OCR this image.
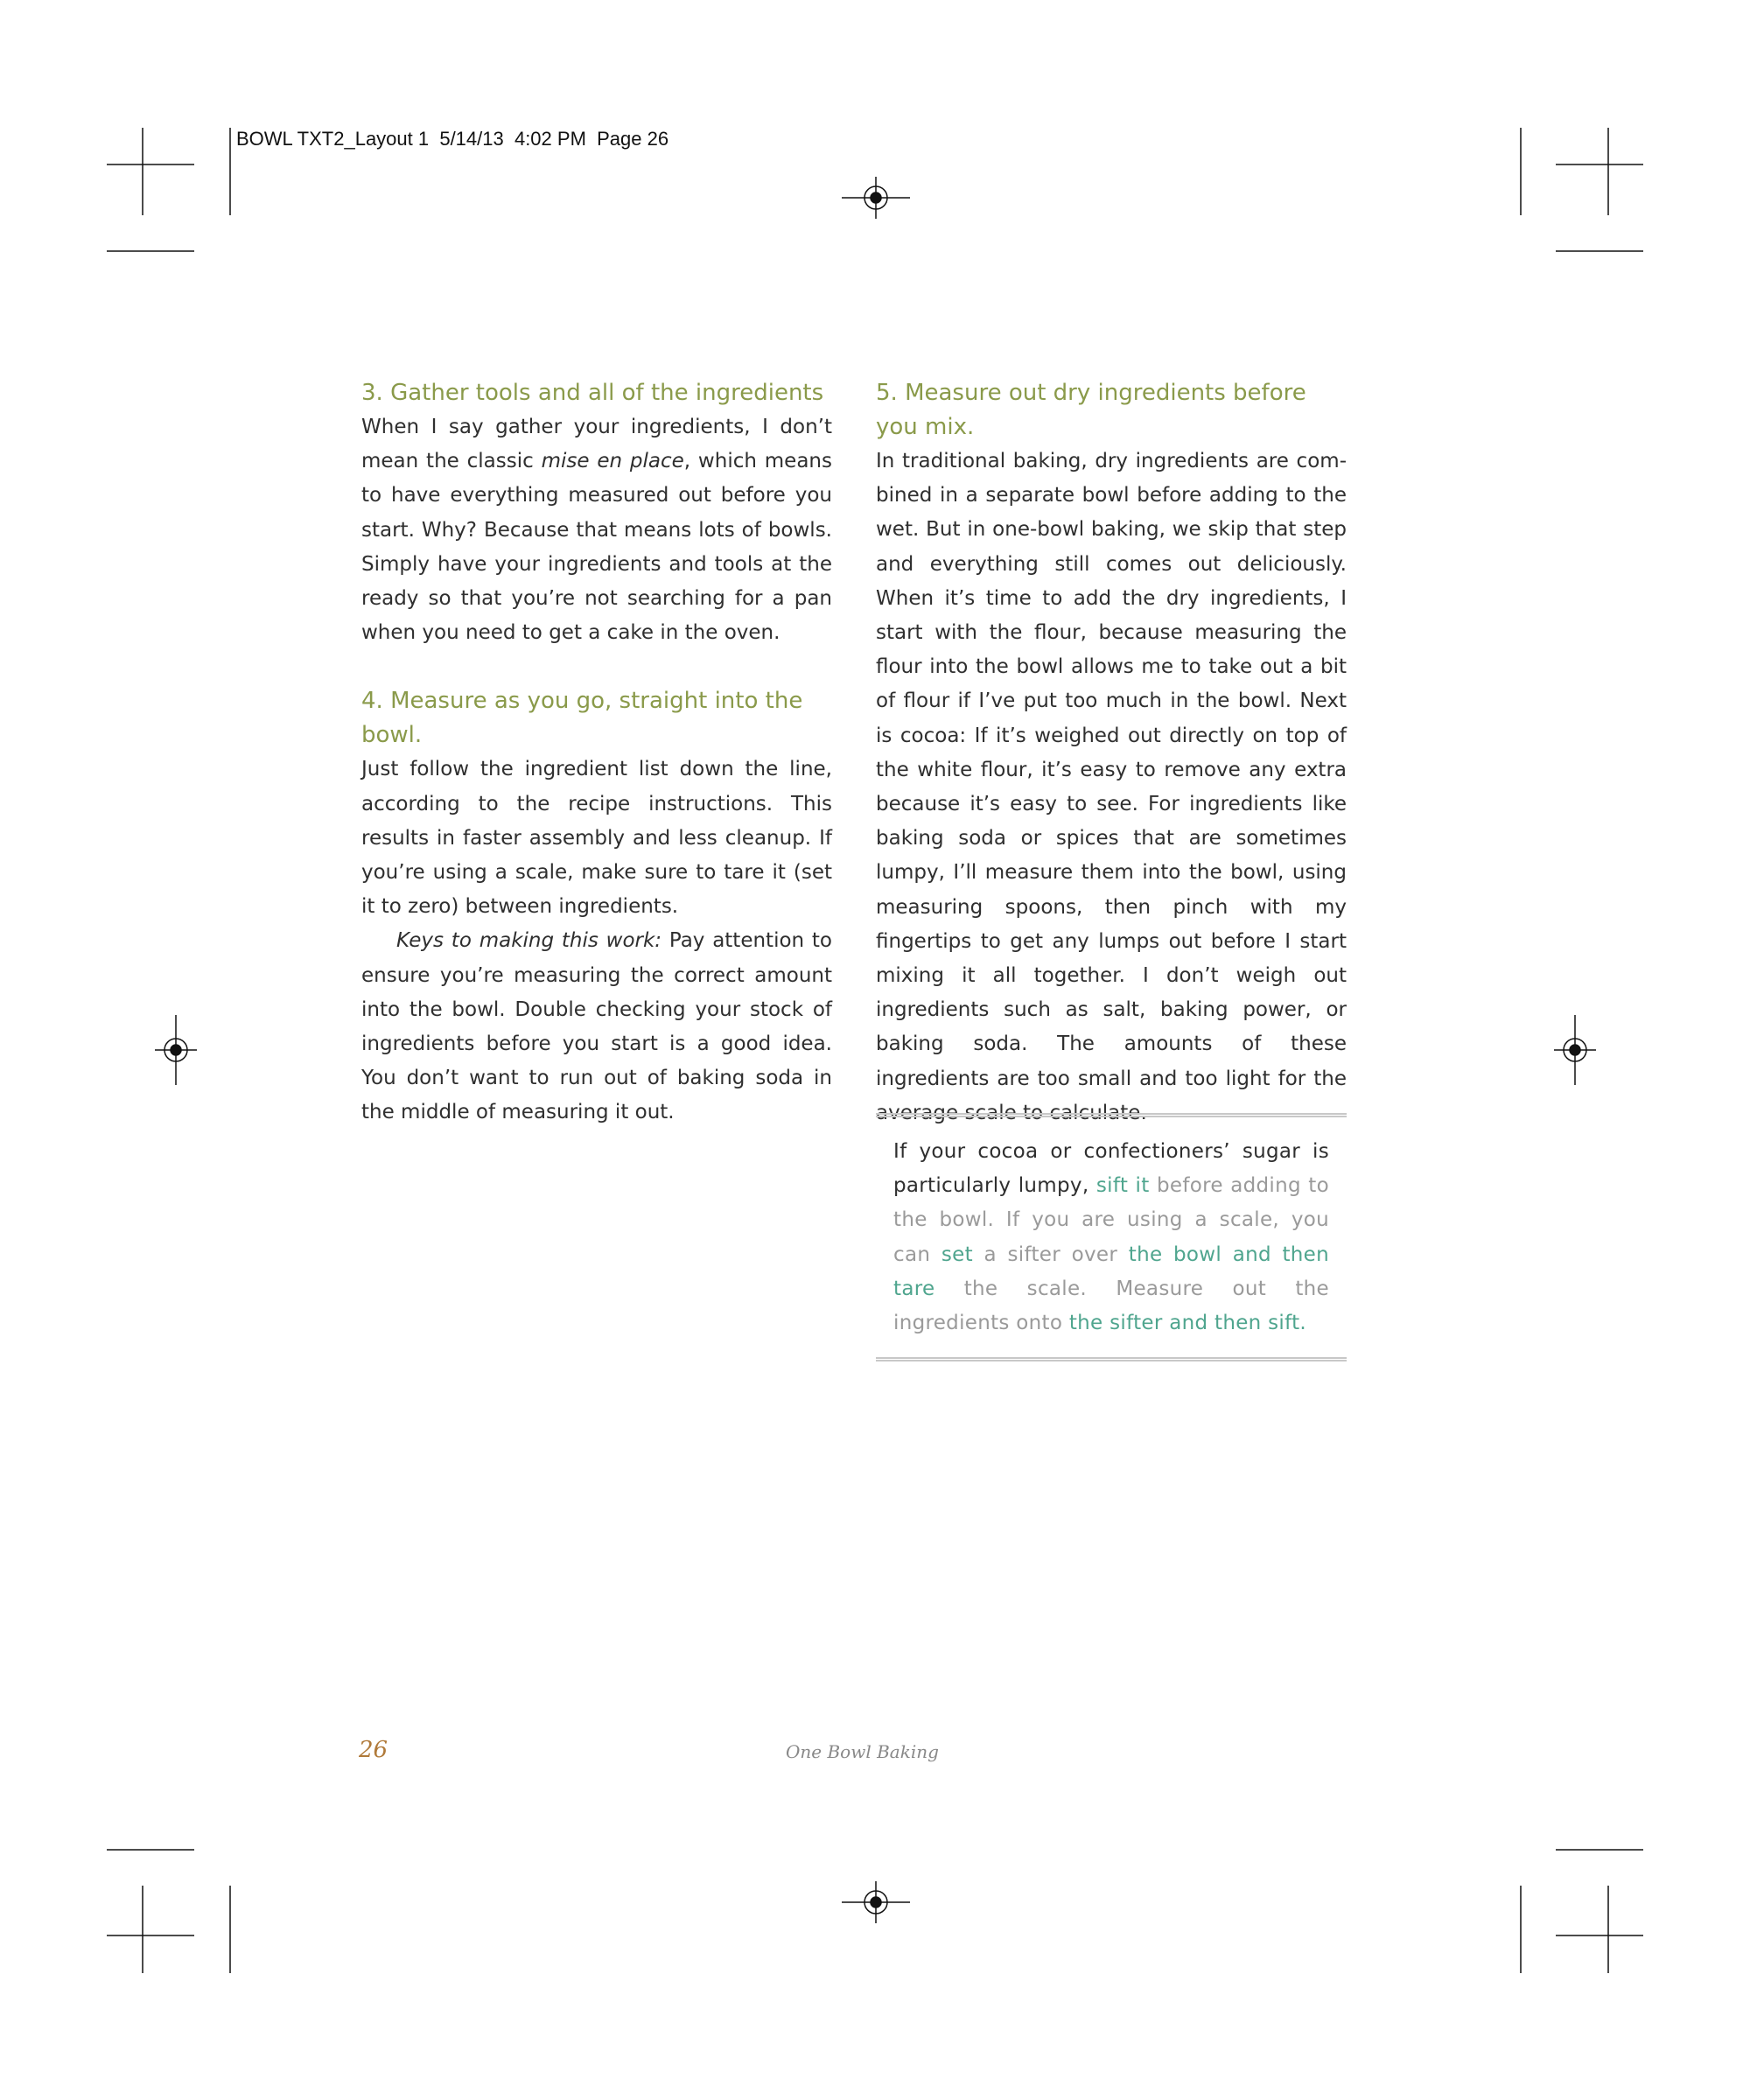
BOWL TXT2_Layout 1  5/14/13  4:02 PM  Page 26
3. Gather tools and all of the ingredients

When I say gather your ingredients, I don’t mean the classic mise en place, which means to have everything measured out before you start. Why? Because that means lots of bowls. Simply have your ingredients and tools at the ready so that you’re not searching for a pan when you need to get a cake in the oven.

4. Measure as you go, straight into the bowl.

Just follow the ingredient list down the line, according to the recipe instructions. This results in faster assembly and less cleanup. If you’re using a scale, make sure to tare it (set it to zero) between ingredients.

Keys to making this work: Pay attention to ensure you’re measuring the correct amount into the bowl. Double checking your stock of ingredients before you start is a good idea. You don’t want to run out of baking soda in the middle of measuring it out.

5. Measure out dry ingredients before you mix.

In traditional baking, dry ingredients are combined in a separate bowl before adding to the wet. But in one-bowl baking, we skip that step and everything still comes out deliciously. When it’s time to add the dry ingredients, I start with the flour, because measuring the flour into the bowl allows me to take out a bit of flour if I’ve put too much in the bowl. Next is cocoa: If it’s weighed out directly on top of the white flour, it’s easy to remove any extra because it’s easy to see. For ingredients like baking soda or spices that are sometimes lumpy, I’ll measure them into the bowl, using measuring spoons, then pinch with my fingertips to get any lumps out before I start mixing it all together. I don’t weigh out ingredients such as salt, baking power, or baking soda. The amounts of these ingredients are too small and too light for the average scale to calculate.

If your cocoa or confectioners’ sugar is particularly lumpy, sift it before adding to the bowl. If you are using a scale, you can set a sifter over the bowl and then tare the scale. Measure out the ingredients onto the sifter and then sift.

26	One Bowl Baking
